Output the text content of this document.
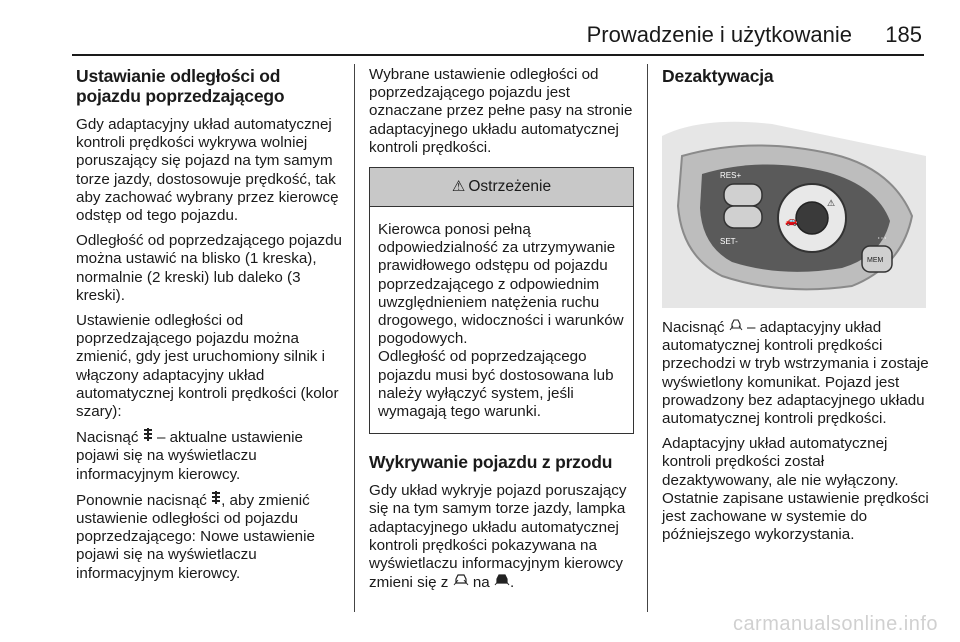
Prowadzenie i użytkowanie 185
Ustawianie odległości od pojazdu poprzedzającego

Gdy adaptacyjny układ automatycznej kontroli prędkości wykrywa wolniej poruszający się pojazd na tym samym torze jazdy, dostosowuje prędkość, tak aby zachować wybrany przez kierowcę odstęp od tego pojazdu.

Odległość od poprzedzającego pojazdu można ustawić na blisko (1 kreska), normalnie (2 kreski) lub daleko (3 kreski).

Ustawienie odległości od poprzedzającego pojazdu można zmienić, gdy jest uruchomiony silnik i włączony adaptacyjny układ automatycznej kontroli prędkości (kolor szary):

Nacisnąć – aktualne ustawienie pojawi się na wyświetlaczu informacyjnym kierowcy.

Ponownie nacisnąć , aby zmienić ustawienie odległości od pojazdu poprzedzającego: Nowe ustawienie pojawi się na wyświetlaczu informacyjnym kierowcy.

Wybrane ustawienie odległości od poprzedzającego pojazdu jest oznaczane przez pełne pasy na stronie adaptacyjnego układu automatycznej kontroli prędkości.

⚠ Ostrzeżenie
Kierowca ponosi pełną odpowiedzialność za utrzymywanie prawidłowego odstępu od pojazdu poprzedzającego z odpowiednim uwzględnieniem natężenia ruchu drogowego, widoczności i warunków pogodowych.
Odległość od poprzedzającego pojazdu musi być dostosowana lub należy wyłączyć system, jeśli wymagają tego warunki.
Wykrywanie pojazdu z przodu

Gdy układ wykryje pojazd poruszający się na tym samym torze jazdy, lampka adaptacyjnego układu automatycznej kontroli prędkości pokazywana na wyświetlaczu informacyjnym kierowcy zmieni się z na .

Dezaktywacja
RES+
SET-
🚗
⚠
MEM
⋯

Nacisnąć – adaptacyjny układ automatycznej kontroli prędkości przechodzi w tryb wstrzymania i zostaje wyświetlony komunikat. Pojazd jest prowadzony bez adaptacyjnego układu automatycznej kontroli prędkości.

Adaptacyjny układ automatycznej kontroli prędkości został dezaktywowany, ale nie wyłączony. Ostatnie zapisane ustawienie prędkości jest zachowane w systemie do późniejszego wykorzystania.

carmanualsonline.info
